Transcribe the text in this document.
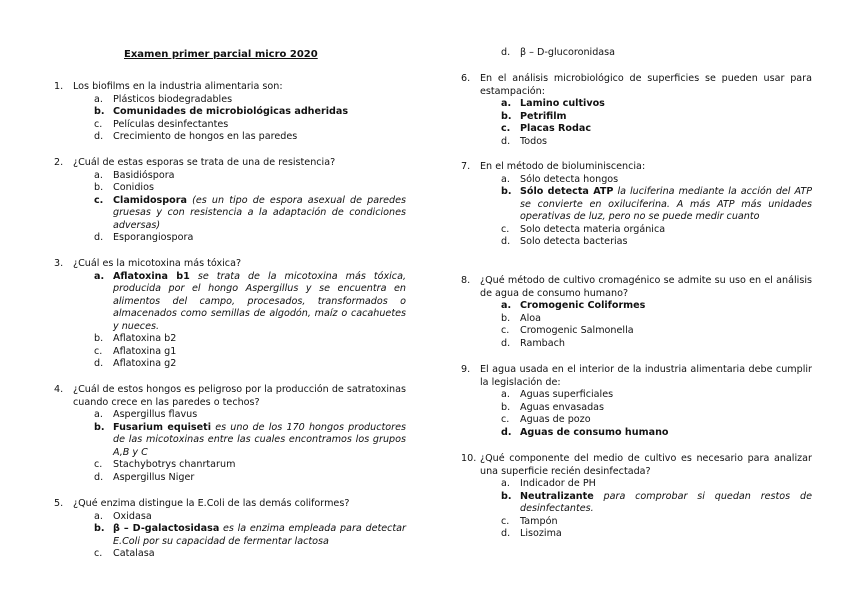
Examen primer parcial micro 2020
1.	Los biofilms en la industria alimentaria son:
a.	Plásticos biodegradables
b. Comunidades de microbiológicas adheridas
c.	Películas desinfectantes
d.	Crecimiento de hongos en las paredes
2.	¿Cuál de estas esporas se trata de una de resistencia?
a.	Basidióspora
b.	Conidios
c.	Clamidospora (es un tipo de espora asexual de paredes gruesas y con resistencia a la adaptación de condiciones adversas)
d.	Esporangiospora
3.	¿Cuál es la micotoxina más tóxica?
a. Aflatoxina b1 se trata de la micotoxina más tóxica, producida por el hongo Aspergillus y se encuentra en alimentos del campo, procesados, transformados o almacenados como semillas de algodón, maíz o cacahuetes y nueces.
b.	Aflatoxina b2
c.	Aflatoxina g1
d.	Aflatoxina g2
4.	¿Cuál de estos hongos es peligroso por la producción de satratoxinas cuando crece en las paredes o techos?
a.	Aspergillus flavus
b. Fusarium equiseti es uno de los 170 hongos productores de las micotoxinas entre las cuales encontramos los grupos A,B y C
c.	Stachybotrys chanrtarum
d.	Aspergillus Niger
5.	¿Qué enzima distingue la E.Coli de las demás coliformes?
a.	Oxidasa
b. β – D-galactosidasa es la enzima empleada para detectar E.Coli por su capacidad de fermentar lactosa
c.	Catalasa
d.	β – D-glucoronidasa
6.	En el análisis microbiológico de superficies se pueden usar para estampación:
a. Lamino cultivos
b. Petrifilm
c.	Placas Rodac
d.	Todos
7.	En el método de bioluminiscencia:
a.	Sólo detecta hongos
b. Sólo detecta ATP la luciferina mediante la acción del ATP se convierte en oxiluciferina. A más ATP más unidades operativas de luz, pero no se puede medir cuanto
c.	Solo detecta materia orgánica
d.	Solo detecta bacterias
8.	¿Qué método de cultivo cromagénico se admite su uso en el análisis de agua de consumo humano?
a. Cromogenic Coliformes
b.	Aloa
c.	Cromogenic Salmonella
d.	Rambach
9.	El agua usada en el interior de la industria alimentaria debe cumplir la legislación de:
a.	Aguas superficiales
b.	Aguas envasadas
c.	Aguas de pozo
d. Aguas de consumo humano
10. ¿Qué componente del medio de cultivo es necesario para analizar una superficie recién desinfectada?
a.	Indicador de PH
b. Neutralizante para comprobar si quedan restos de desinfectantes.
c.	Tampón
d.	Lisozima
